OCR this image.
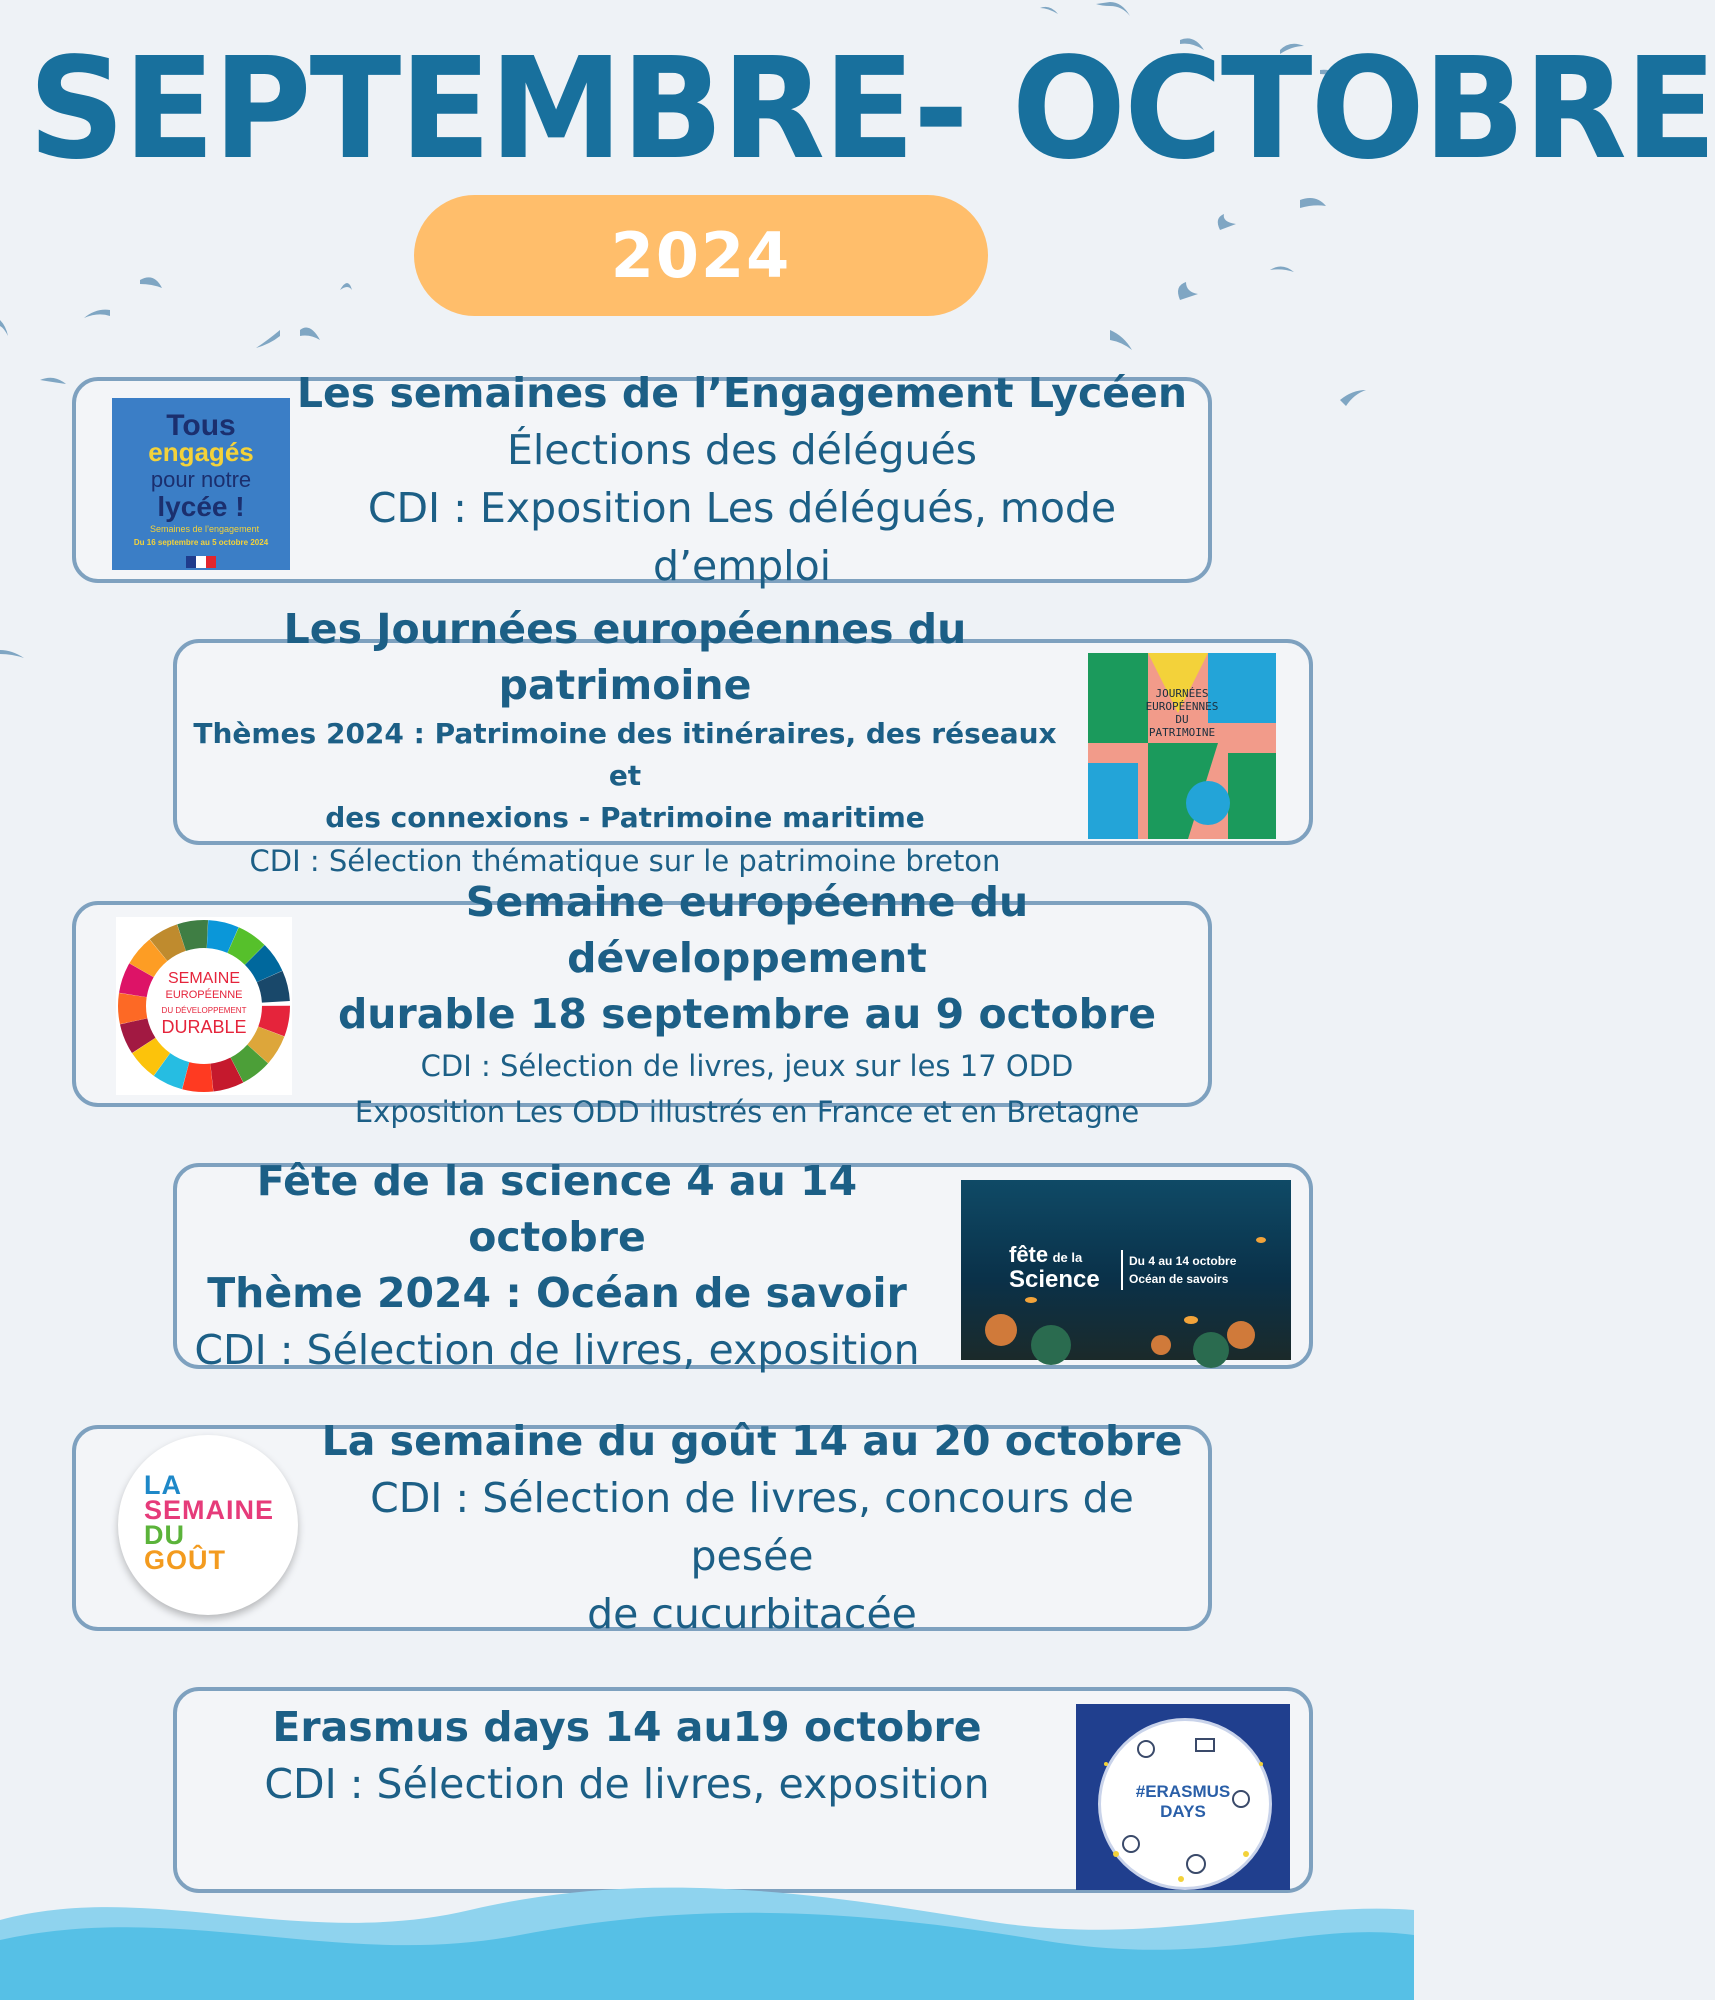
SEPTEMBRE- OCTOBRE
2024
Tous
engagés
pour notre
lycée !
Semaines de l’engagement
Du 16 septembre au 5 octobre 2024
Les semaines de l’Engagement Lycéen
Élections des délégués
CDI : Exposition Les délégués, mode d’emploi
Les Journées européennes du patrimoine
Thèmes 2024 : Patrimoine des itinéraires, des réseaux et
des connexions - Patrimoine maritime
CDI : Sélection thématique sur le patrimoine breton
JOURNÉES
EUROPÉENNES
DU
PATRIMOINE
SEMAINE
EUROPÉENNE
DU DÉVELOPPEMENT
DURABLE
Semaine européenne du développement
durable 18 septembre au 9 octobre
CDI : Sélection de livres, jeux sur les 17 ODD
Exposition Les ODD illustrés en France et en Bretagne
Fête de la science 4 au 14 octobre
Thème 2024 : Océan de savoir
CDI : Sélection de livres, exposition
fête de la
Science
Du 4 au 14 octobre
Océan de savoirs
LA
SEMAINE
DU
GOÛT
La semaine du goût 14 au 20 octobre
CDI : Sélection de livres, concours de pesée
de cucurbitacée
Erasmus days 14 au19 octobre
CDI : Sélection de livres, exposition	#ERASMUS
DAYS
